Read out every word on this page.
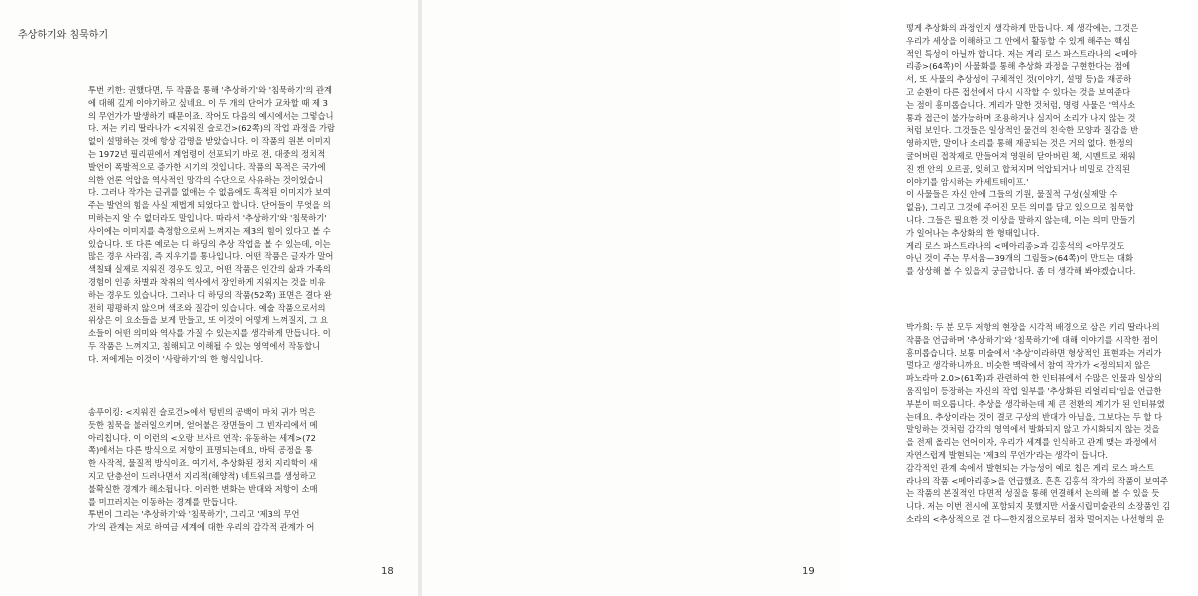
추상하기와 침묵하기
투번 키한: 권했다면, 두 작품을 통해 '추상하기'와 '침묵하기'의 관계
에 대해 깊게 이야기하고 싶네요. 이 두 개의 단어가 교차할 때 제 3
의 무언가가 발생하기 때문이죠. 작어도 다음의 예시에서는 그렇습니
다. 저는 키리 딸라나가 <지워진 슬로건>(62쪽)의 작업 과정을 가람
없이 설명하는 것에 항상 감명을 받았습니다. 이 작품의 원본 이미지
는 1972년 필리핀에서 계엄령이 선포되기 바로 전, 대중의 정치적
발언이 폭발적으로 증가한 시기의 것입니다. 작품의 목적은 국가에
의한 언론 억압을 역사적인 망각의 수단으로 사유하는 것이었습니
다. 그러나 작가는 글귀를 없애는 수 없음에도 흑적된 이미지가 보여
주는 발언의 힘을 사실 제법게 되었다고 합니다. 단어들이 무엇을 의
미하는지 알 수 없더라도 말입니다. 따라서 '추상하기'와 '침묵하기'
사이에는 이미지를 측정함으로써 느껴지는 제3의 힘이 있다고 볼 수
있습니다. 또 다른 예로는 디 하딩의 추상 작업을 볼 수 있는데, 이는
많은 경우 사라짐, 즉 지우기를 통나입니다. 어떤 작품은 글자가 말어
색칠돼 실제로 지워진 경우도 있고, 어떤 작품은 인간의 삶과 가족의
경험이 인종 차별과 착취의 역사에서 장인하게 지워지는 것을 비유
하는 경우도 있습니다. 그러나 디 하딩의 작품(52쪽) 표면은 결다 완
전히 평평하지 않으며 색조와 질감이 있습니다. 예술 작품으로서의
위상은 이 요소들을 보게 만들고, 또 이것이 어떻게 느껴질지, 그 요
소들이 어떤 의미와 역사를 가질 수 있는지를 생각하게 만듭니다. 이
두 작품은 느껴지고, 침해되고 이해될 수 있는 영역에서 작동합니
다. 저에게는 이것이 '사랑하기'의 한 형식입니다.
송푸이킹: <지워진 슬로건>에서 텅빈의 공백이 마치 귀가 먹은
듯한 침묵을 불러일으키며, 얻어붙은 장면들이 그 빈자리에서 메
아리칩니다. 이 이런의 <오랑 브사르 연작: 유동하는 세계>(72
쪽)에서는 다른 방식으로 저항이 표명되는데요, 바틱 공정을 통
한 사작적, 물질적 방식이죠. 여기서, 추상화된 정치 지리학이 새
지고 단층선이 드러나면서 지리적(해양적) 네트워크를 생성하고
불확실한 경계가 해소됩니다. 이러한 변화는 반대와 저항이 소매
를 미끄러지는 이동하는 경계를 만듭니다.
투번이 그리는 '추상하기'와 '침묵하기', 그리고 '제3의 무언
가'의 관계는 저로 하여금 세계에 대한 우리의 감각적 관계가 어
18
떻게 추상화의 과정인지 생각하게 만듭니다. 제 생각에는, 그것은
우리가 세상을 이해하고 그 안에서 활동할 수 있게 해주는 핵심
적인 특성이 아닐까 합니다. 저는 게리 로스 파스트라나의 <메아
리종>(64쪽)이 사물화를 통해 추상화 과정을 구현한다는 점에
서, 또 사물의 추상성이 구체적인 것(이야기, 설명 등)을 재공하
고 순환이 다른 접선에서 다시 시작할 수 있다는 것을 보여준다
는 점이 흥미롭습니다. 게리가 말한 것처럼, 명령 사물은 '역사소
통과 접근이 불가능하며 조용하거나 심지어 소리가 나지 않는 것
처럼 보인다. 그것들은 일상적인 물건의 친숙한 모양과 질감을 반
영하지만, 말이나 소리를 통해 재공되는 것은 거의 없다. 한정의
굴어버린 접착제로 만들어져 영원히 닫아버린 책, 시멘트로 채워
진 캔 안의 오르골, 잊히고 합쳐지며 억압되거나 비밀로 간직된
이야기를 암시하는 카세트테이프.'
이 사물들은 자신 안에 그들의 기원, 물질적 구성(실제말 수
없음), 그리고 그것에 주어진 모든 의미를 담고 있으므로 침묵합
니다. 그들은 필요한 것 이상을 말하지 않는데, 이는 의미 만들기
가 일어나는 추상화의 한 형태입니다.
게리 로스 파스트라나의 <메아리종>과 김홍석의 <아무것도
아닌 것이 주는 무서움—39개의 그림들>(64쪽)이 만드는 대화
를 상상해 볼 수 있을지 궁금합니다. 좀 더 생각해 봐야겠습니다.
박가희: 두 분 모두 저항의 현장을 시각적 배경으로 삼은 키리 딸라나의
작품을 언급하며 '추상하기'와 '침묵하기'에 대해 이야기를 시작한 점이
흥미롭습니다. 보통 미술에서 '추상'이라하면 형상적인 표현과는 거리가
멀다고 생각하니까요. 비슷한 맥락에서 참여 작가가 <정의되지 않은
파노라마 2.0>(61쪽)과 관련하여 한 인터뷰에서 수많은 인물과 일상의
움직임이 등장하는 자신의 작업 일부를 '추상화된 리얼리티'임을 언급한
부분이 떠오릅니다. 추상을 생각하는데 제 큰 전환의 계기가 된 인터뷰였
는데요. 추상이라는 것이 결코 구상의 반대가 아님을, 그보다는 두 할 다
말잉하는 것처럼 감각의 영역에서 발화되지 않고 가시화되지 않는 것을
을 전제 올리는 언어이자, 우리가 세계를 인식하고 관계 맺는 과정에서
자연스럽게 발현되는 '제3의 무언가'라는 생각이 듭니다.
감각적인 관계 속에서 발현되는 가능성이 예로 칩은 게리 로스 파스트
라나의 작품 <메아리종>을 언급했죠. 흔흔 김홍석 작가의 작품이 보여주
는 작품의 본질적인 다면적 성질을 통해 연결해서 논의해 볼 수 있을 듯
니다. 저는 이번 전시에 포함되지 못했지만 서울시립미술관의 소장품인 김
소라의 <추상적으로 걷 다—한지점으로부터 점차 멀어지는 나선형의 운
19
